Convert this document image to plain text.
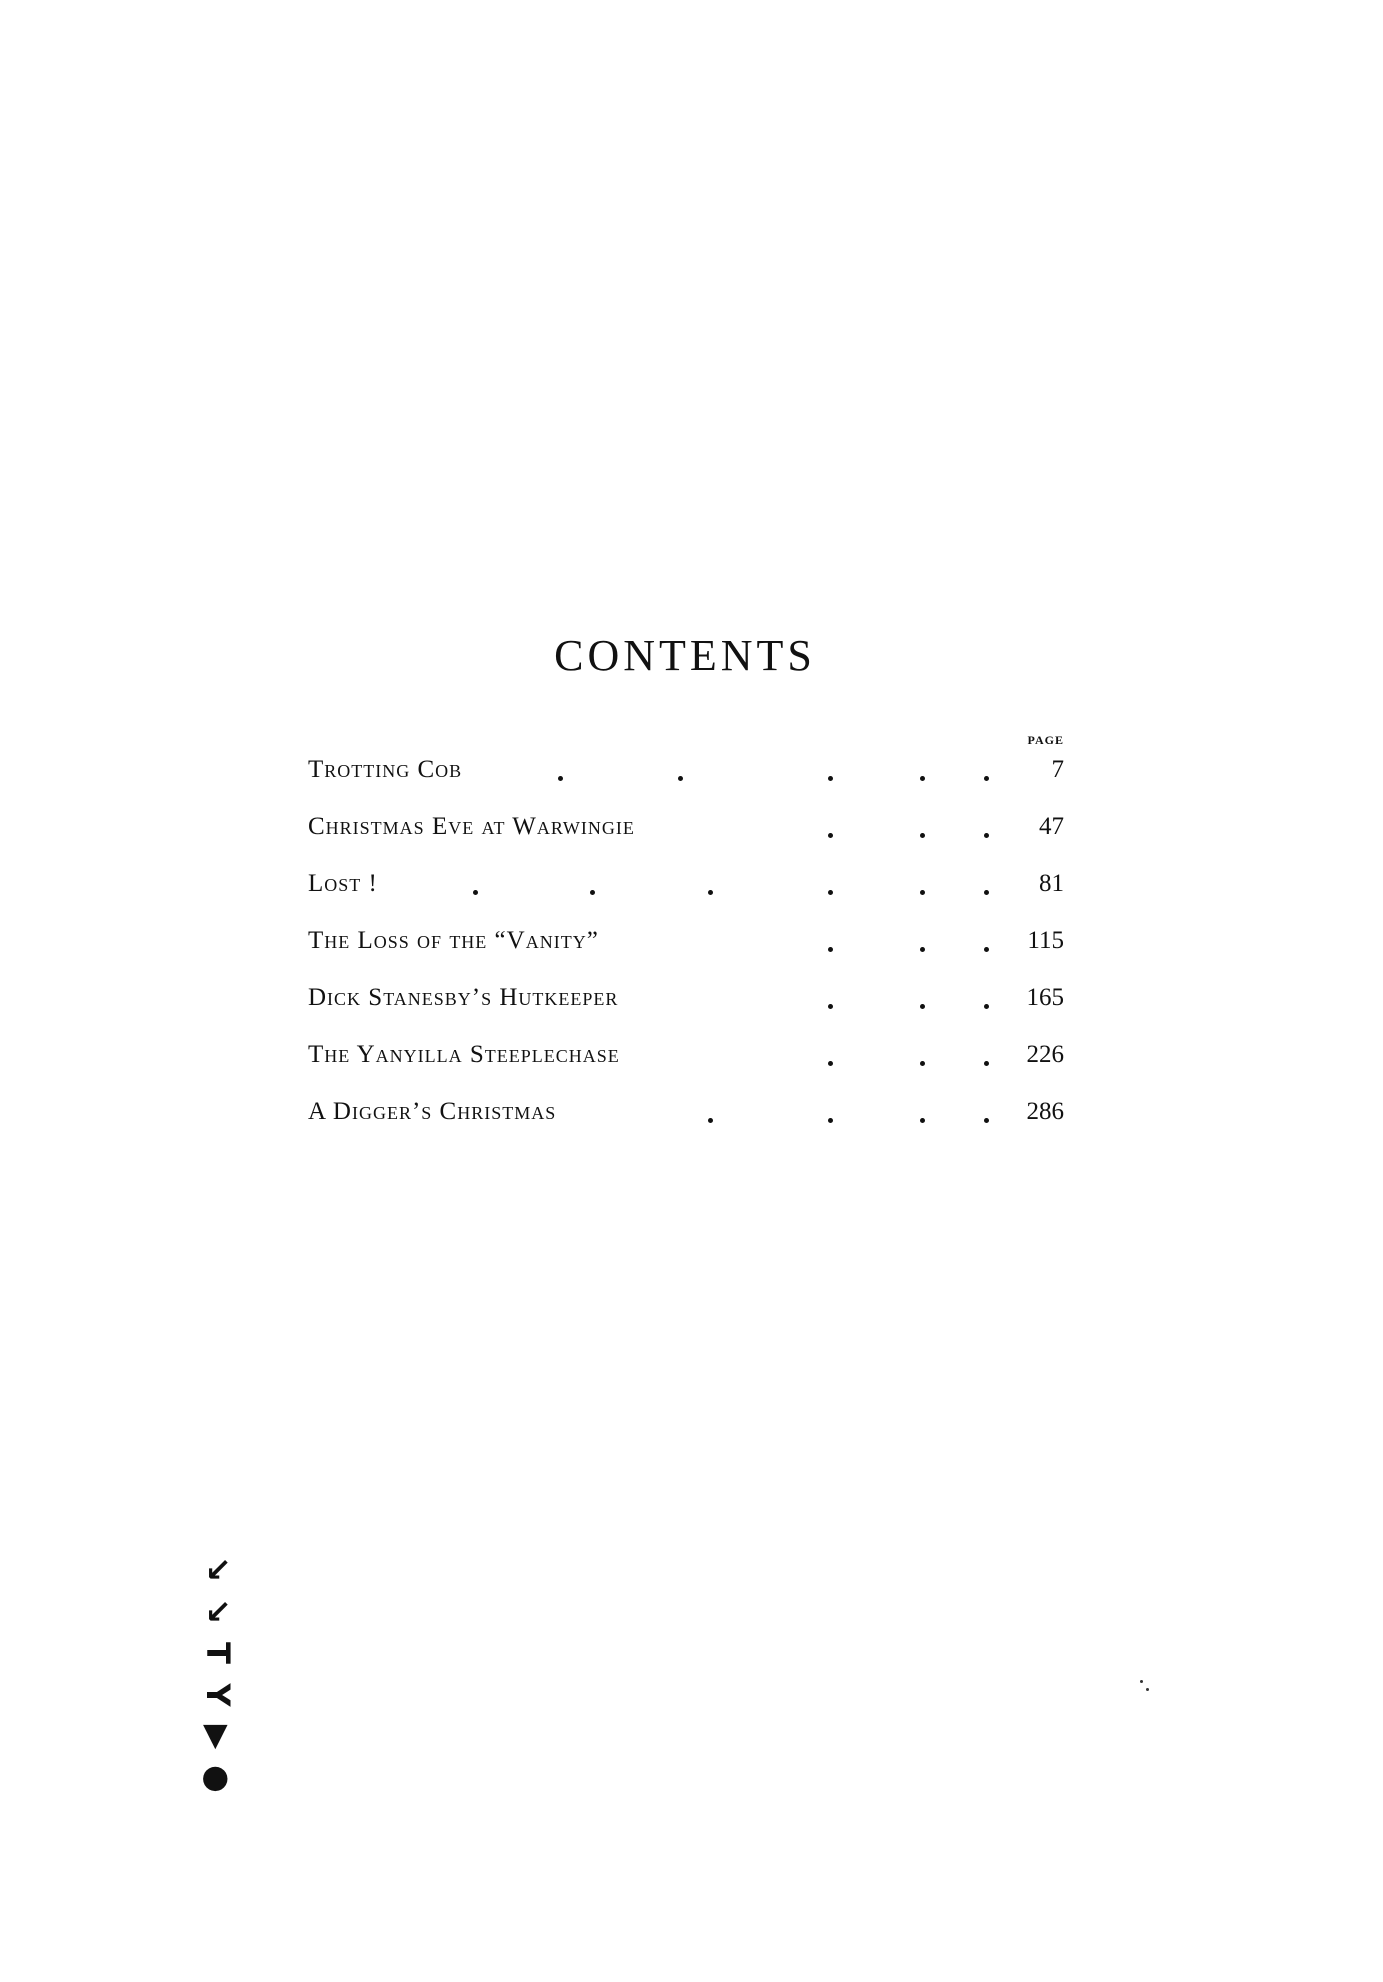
CONTENTS
PAGE
Trotting Cob	7
Christmas Eve at Warwingie	47
Lost !	81
The Loss of the “Vanity”	115
Dick Stanesby’s Hutkeeper	165
The Yanyilla Steeplechase	226
A Digger’s Christmas	286
↘
↘
T
Y
▶
●
